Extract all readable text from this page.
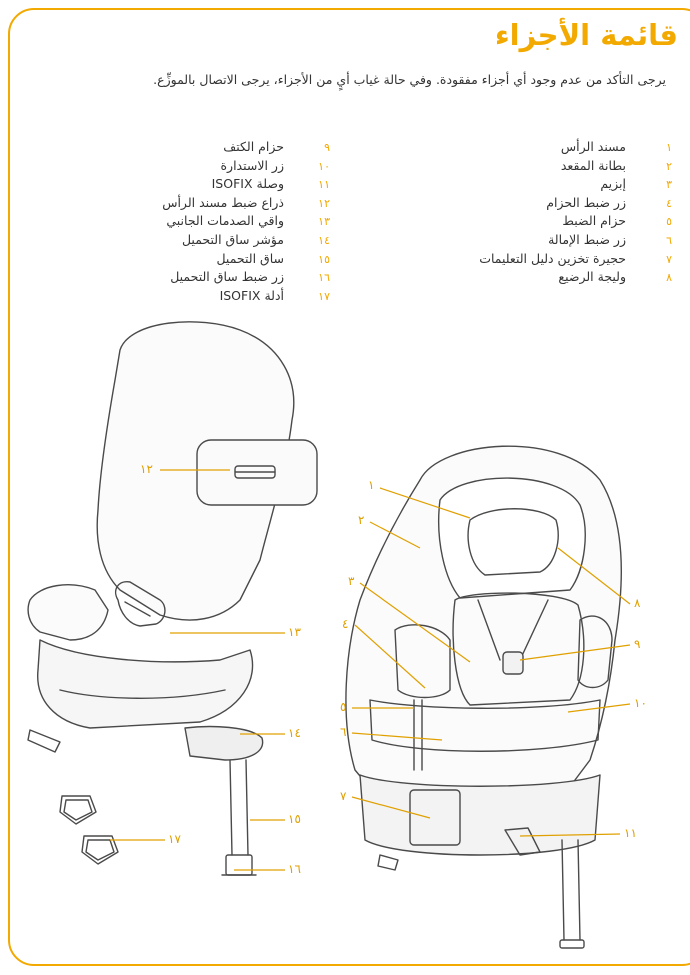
قائمة الأجزاء
يرجى التأكد من عدم وجود أي أجزاء مفقودة. وفي حالة غياب أيٍ من الأجزاء، يرجى الاتصال بالموزِّع.
١مسند الرأس
٢بطانة المقعد
٣إبزيم
٤زر ضبط الحزام
٥حزام الضبط
٦زر ضبط الإمالة
٧حجيرة تخزين دليل التعليمات
٨وليجة الرضيع
٩حزام الكتف
١٠زر الاستدارة
١١وصلة ISOFIX
١٢ذراع ضبط مسند الرأس
١٣واقي الصدمات الجانبي
١٤مؤشر ساق التحميل
١٥ساق التحميل
١٦زر ضبط ساق التحميل
١٧أدلة ISOFIX
١٢
١٣
١٤
١٥
١٧
١٦
١
٢
٣
٤
٥
٦
٧
٨
٩
١٠
١١
